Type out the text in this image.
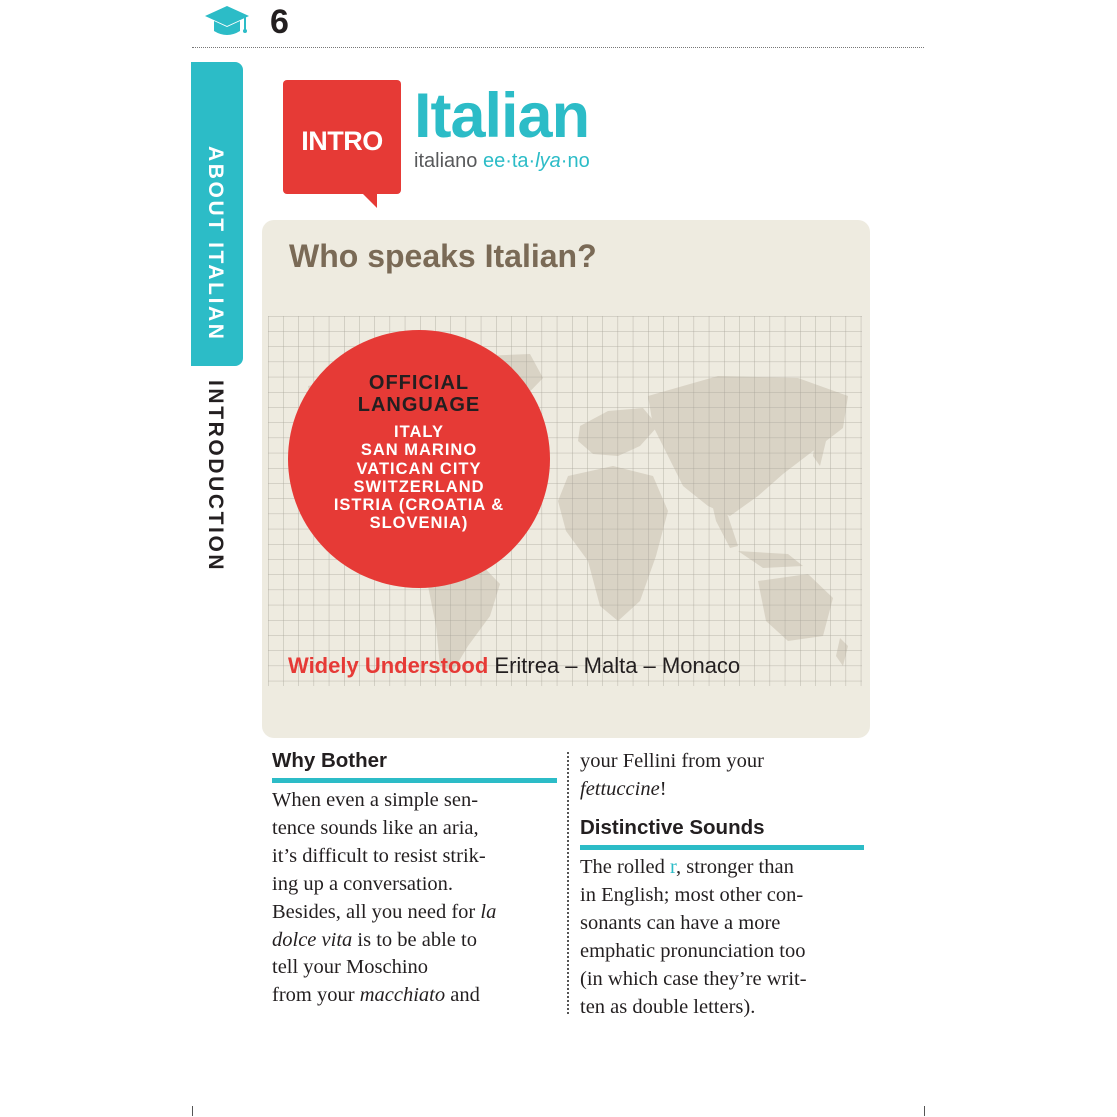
6
ABOUT ITALIAN
INTRODUCTION
INTRO Italian
italiano ee·ta·lya·no
Who speaks Italian?
OFFICIAL
LANGUAGE
ITALY
SAN MARINO
VATICAN CITY
SWITZERLAND
ISTRIA (CROATIA &
SLOVENIA)
Widely Understood Eritrea – Malta – Monaco
Why Bother
When even a simple sen-
tence sounds like an aria,
it’s difficult to resist strik-
ing up a conversation.
Besides, all you need for la
dolce vita is to be able to
tell your Moschino
from your macchiato and
your Fellini from your
fettuccine!
Distinctive Sounds
The rolled r, stronger than
in English; most other con-
sonants can have a more
emphatic pronunciation too
(in which case they’re writ-
ten as double letters).
